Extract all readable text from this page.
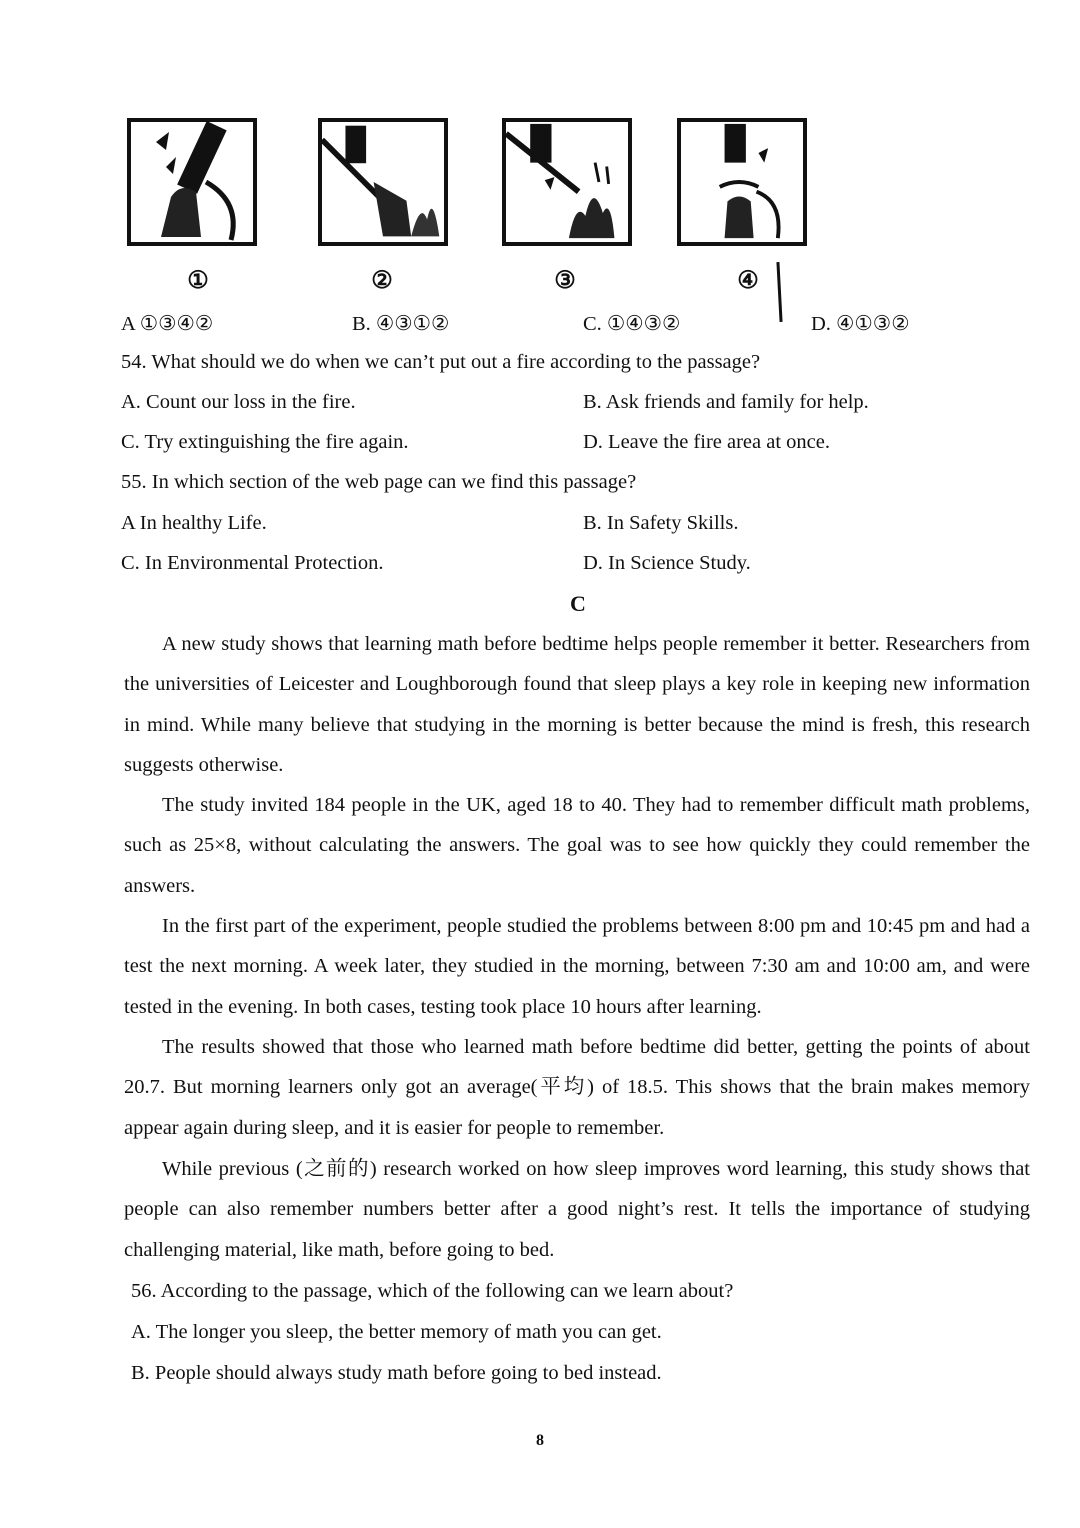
①	②	③	④
A ①③④②	B. ④③①②	C. ①④③②	D. ④①③②
54. What should we do when we can’t put out a fire according to the passage?
A. Count our loss in the fire.	B. Ask friends and family for help.
C. Try extinguishing the fire again.	D. Leave the fire area at once.
55. In which section of the web page can we find this passage?
A In healthy Life.	B. In Safety Skills.
C. In Environmental Protection.	D. In Science Study.
C
A new study shows that learning math before bedtime helps people remember it better. Researchers from the universities of Leicester and Loughborough found that sleep plays a key role in keeping new information in mind. While many believe that studying in the morning is better because the mind is fresh, this research suggests otherwise.
The study invited 184 people in the UK, aged 18 to 40. They had to remember difficult math problems, such as 25×8, without calculating the answers. The goal was to see how quickly they could remember the answers.
In the first part of the experiment, people studied the problems between 8:00 pm and 10:45 pm and had a test the next morning. A week later, they studied in the morning, between 7:30 am and 10:00 am, and were tested in the evening. In both cases, testing took place 10 hours after learning.
The results showed that those who learned math before bedtime did better, getting the points of about 20.7. But morning learners only got an average(平均) of 18.5. This shows that the brain makes memory appear again during sleep, and it is easier for people to remember.
While previous (之前的) research worked on how sleep improves word learning, this study shows that people can also remember numbers better after a good night’s rest. It tells the importance of studying challenging material, like math, before going to bed.
56. According to the passage, which of the following can we learn about?
A. The longer you sleep, the better memory of math you can get.
B. People should always study math before going to bed instead.
8
